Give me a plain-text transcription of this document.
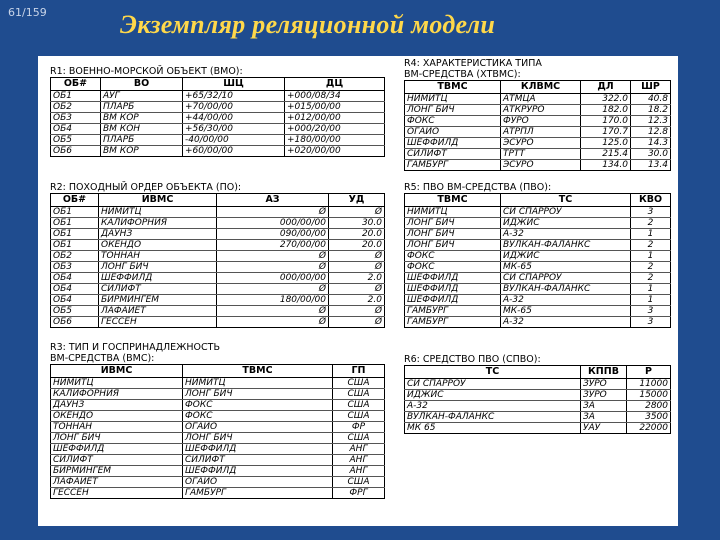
61/159	Экземпляр реляционной модели
R1: ВОЕННО-МОРСКОЙ ОБЪЕКТ (ВМО):
ОБ#	ВО	ШЦ	ДЦ
ОБ1	АУГ	+65/32/10	+000/08/34
ОБ2	ПЛАРБ	+70/00/00	+015/00/00
ОБ3	ВМ КОР	+44/00/00	+012/00/00
ОБ4	ВМ КОН	+56/30/00	+000/20/00
ОБ5	ПЛАРБ	-40/00/00	+180/00/00
ОБ6	ВМ КОР	+60/00/00	+020/00/00
R4: ХАРАКТЕРИСТИКА ТИПА
ВМ-СРЕДСТВА (ХТВМС):
ТВМС	КЛВМС	ДЛ	ШР
НИМИТЦ	АТМЦА	322.0	40.8
ЛОНГ БИЧ	АТКРУРО	182.0	18.2
ФОКС	ФУРО	170.0	12.3
ОГАЙО	АТРПЛ	170.7	12.8
ШЕФФИЛД	ЭСУРО	125.0	14.3
СИЛИФТ	ТРТТ	215.4	30.0
ГАМБУРГ	ЭСУРО	134.0	13.4
R2: ПОХОДНЫЙ ОРДЕР ОБЪЕКТА (ПО):
ОБ#	ИВМС	АЗ	УД
ОБ1	НИМИТЦ	Ø	Ø
ОБ1	КАЛИФОРНИЯ	000/00/00	30.0
ОБ1	ДАУНЗ	090/00/00	20.0
ОБ1	ОКЕНДО	270/00/00	20.0
ОБ2	ТОННАН	Ø	Ø
ОБ3	ЛОНГ БИЧ	Ø	Ø
ОБ4	ШЕФФИЛД	000/00/00	2.0
ОБ4	СИЛИФТ	Ø	Ø
ОБ4	БИРМИНГЕМ	180/00/00	2.0
ОБ5	ЛАФАЙЕТ	Ø	Ø
ОБ6	ГЕССЕН	Ø	Ø
R5: ПВО ВМ-СРЕДСТВА (ПВО):
ТВМС	ТС	КВО
НИМИТЦ	СИ СПАРРОУ	3
ЛОНГ БИЧ	ИДЖИС	2
ЛОНГ БИЧ	А-32	1
ЛОНГ БИЧ	ВУЛКАН-ФАЛАНКС	2
ФОКС	ИДЖИС	1
ФОКС	МК-65	2
ШЕФФИЛД	СИ СПАРРОУ	2
ШЕФФИЛД	ВУЛКАН-ФАЛАНКС	1
ШЕФФИЛД	А-32	1
ГАМБУРГ	МК-65	3
ГАМБУРГ	А-32	3
R3: ТИП И ГОСПРИНАДЛЕЖНОСТЬ
ВМ-СРЕДСТВА (ВМС):
ИВМС	ТВМС	ГП
НИМИТЦ	НИМИТЦ	США
КАЛИФОРНИЯ	ЛОНГ БИЧ	США
ДАУНЗ	ФОКС	США
ОКЕНДО	ФОКС	США
ТОННАН	ОГАЙО	ФР
ЛОНГ БИЧ	ЛОНГ БИЧ	США
ШЕФФИЛД	ШЕФФИЛД	АНГ
СИЛИФТ	СИЛИФТ	АНГ
БИРМИНГЕМ	ШЕФФИЛД	АНГ
ЛАФАЙЕТ	ОГАЙО	США
ГЕССЕН	ГАМБУРГ	ФРГ
R6: СРЕДСТВО ПВО (СПВО):
ТС	КППВ	Р
СИ СПАРРОУ	ЗУРО	11000
ИДЖИС	ЗУРО	15000
А-32	ЗА	2800
ВУЛКАН-ФАЛАНКС	ЗА	3500
МК 65	УАУ	22000
